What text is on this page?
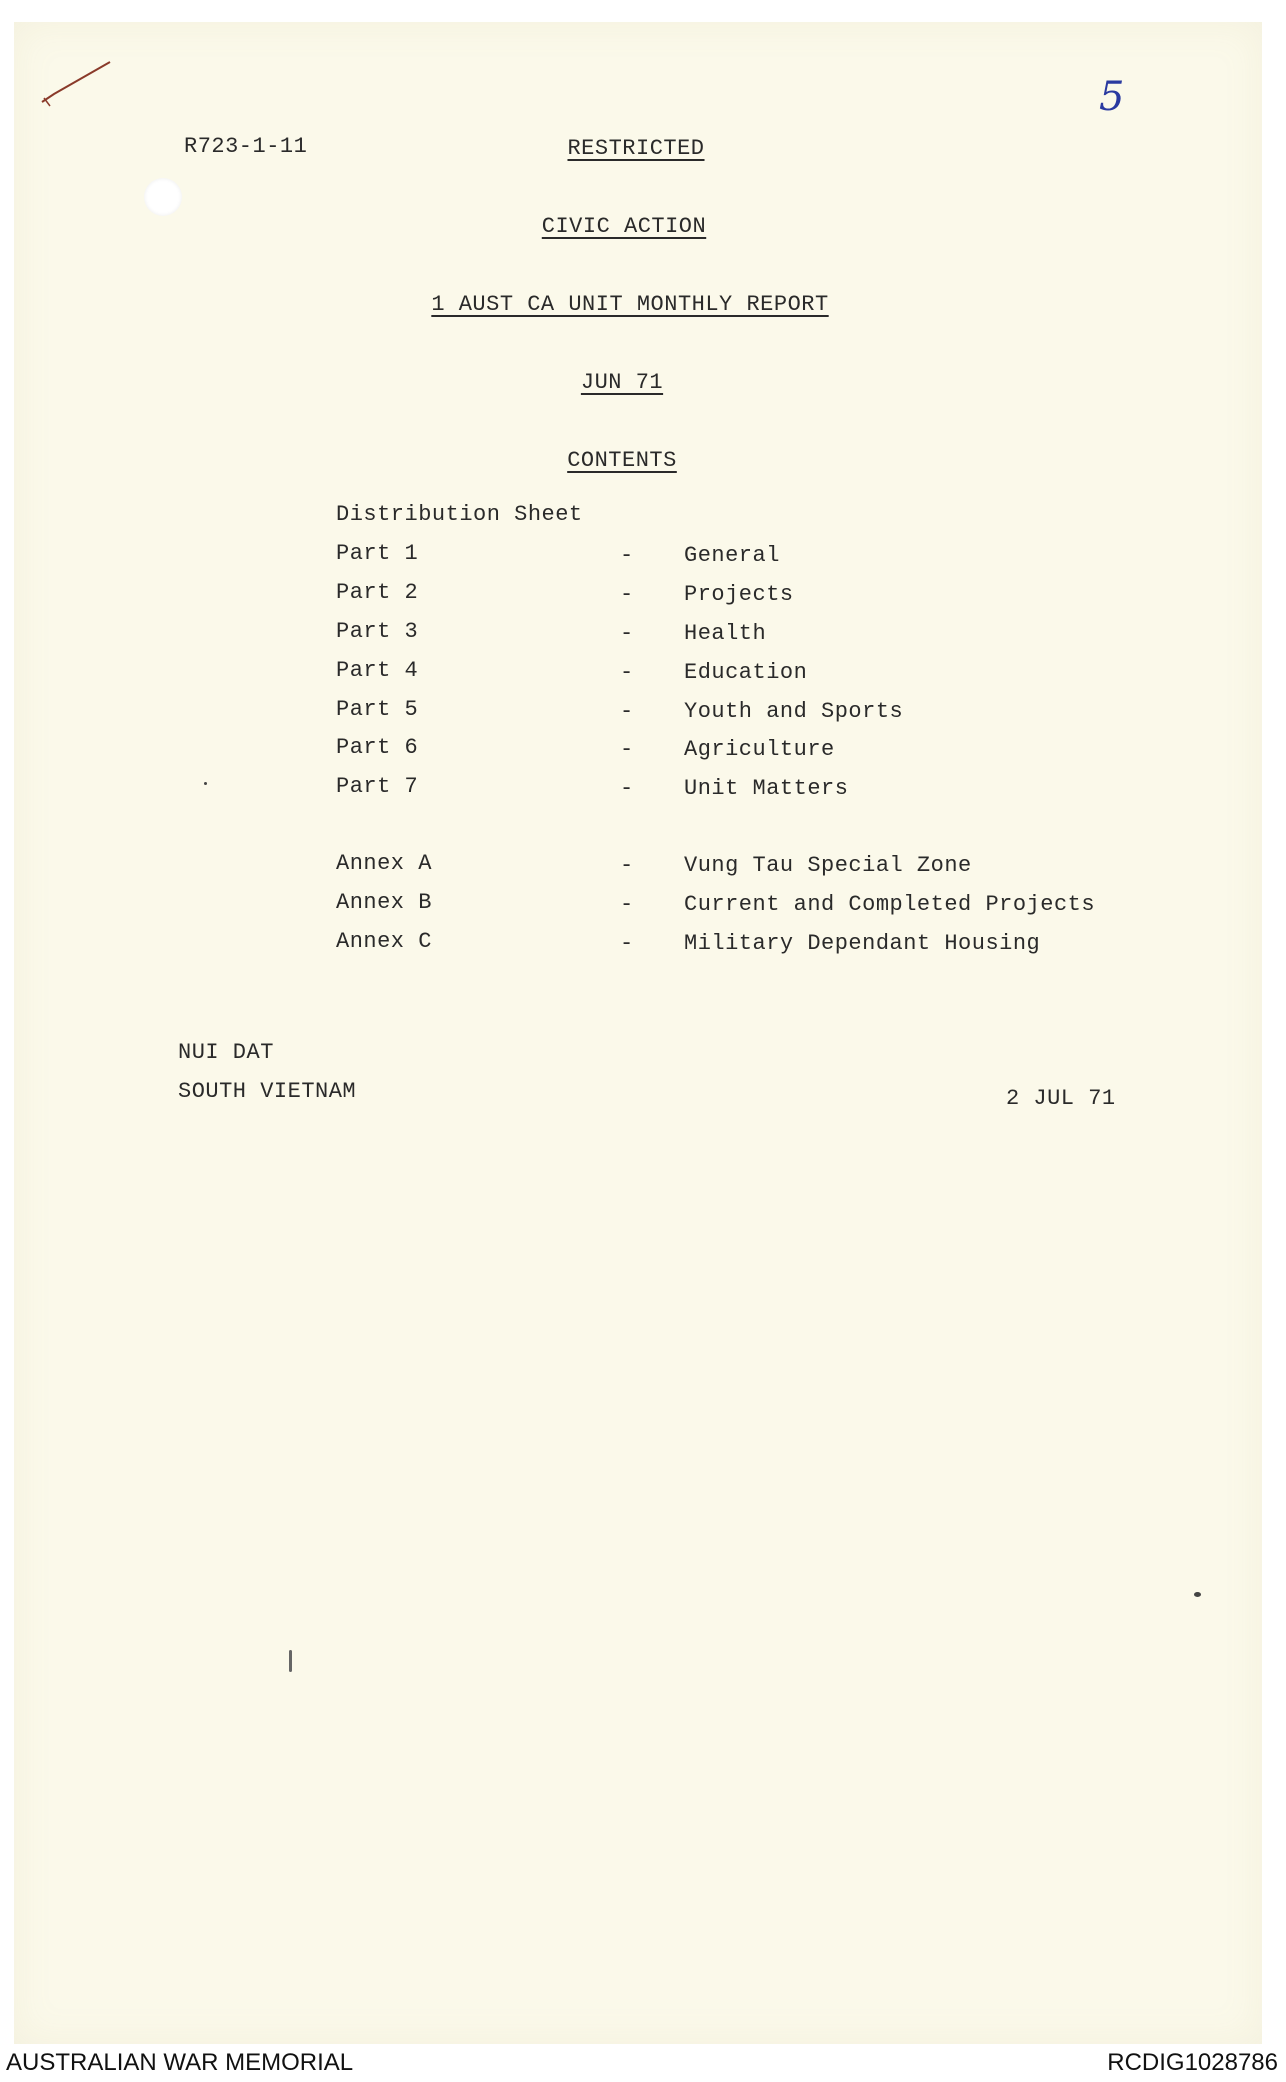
5
R723-1-11	RESTRICTED
CIVIC ACTION
1 AUST CA UNIT MONTHLY REPORT
JUN 71
CONTENTS
Distribution Sheet
Part 1	- General
Part 2	- Projects
Part 3	- Health
Part 4	- Education
Part 5	- Youth and Sports
Part 6	- Agriculture
Part 7	- Unit Matters
Annex A	- Vung Tau Special Zone
Annex B	- Current and Completed Projects
Annex C	- Military Dependant Housing
NUI DAT
SOUTH VIETNAM	2 JUL 71
AUSTRALIAN WAR MEMORIAL	RCDIG1028786
